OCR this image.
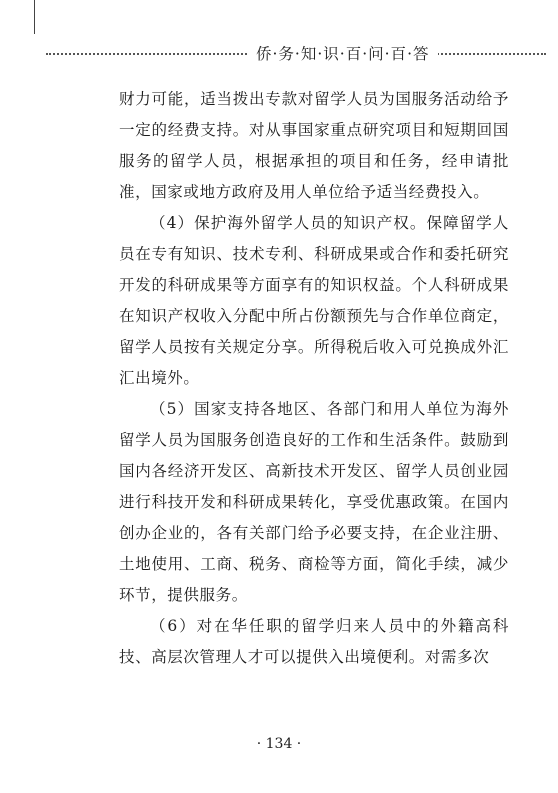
侨·务·知·识·百·问·百·答

财力可能，适当拨出专款对留学人员为国服务活动给予一定的经费支持。对从事国家重点研究项目和短期回国服务的留学人员，根据承担的项目和任务，经申请批准，国家或地方政府及用人单位给予适当经费投入。

（4）保护海外留学人员的知识产权。保障留学人员在专有知识、技术专利、科研成果或合作和委托研究开发的科研成果等方面享有的知识权益。个人科研成果在知识产权收入分配中所占份额预先与合作单位商定，留学人员按有关规定分享。所得税后收入可兑换成外汇汇出境外。

（5）国家支持各地区、各部门和用人单位为海外留学人员为国服务创造良好的工作和生活条件。鼓励到国内各经济开发区、高新技术开发区、留学人员创业园进行科技开发和科研成果转化，享受优惠政策。在国内创办企业的，各有关部门给予必要支持，在企业注册、土地使用、工商、税务、商检等方面，简化手续，减少环节，提供服务。

（6）对在华任职的留学归来人员中的外籍高科技、高层次管理人才可以提供入出境便利。对需多次

· 134 ·
